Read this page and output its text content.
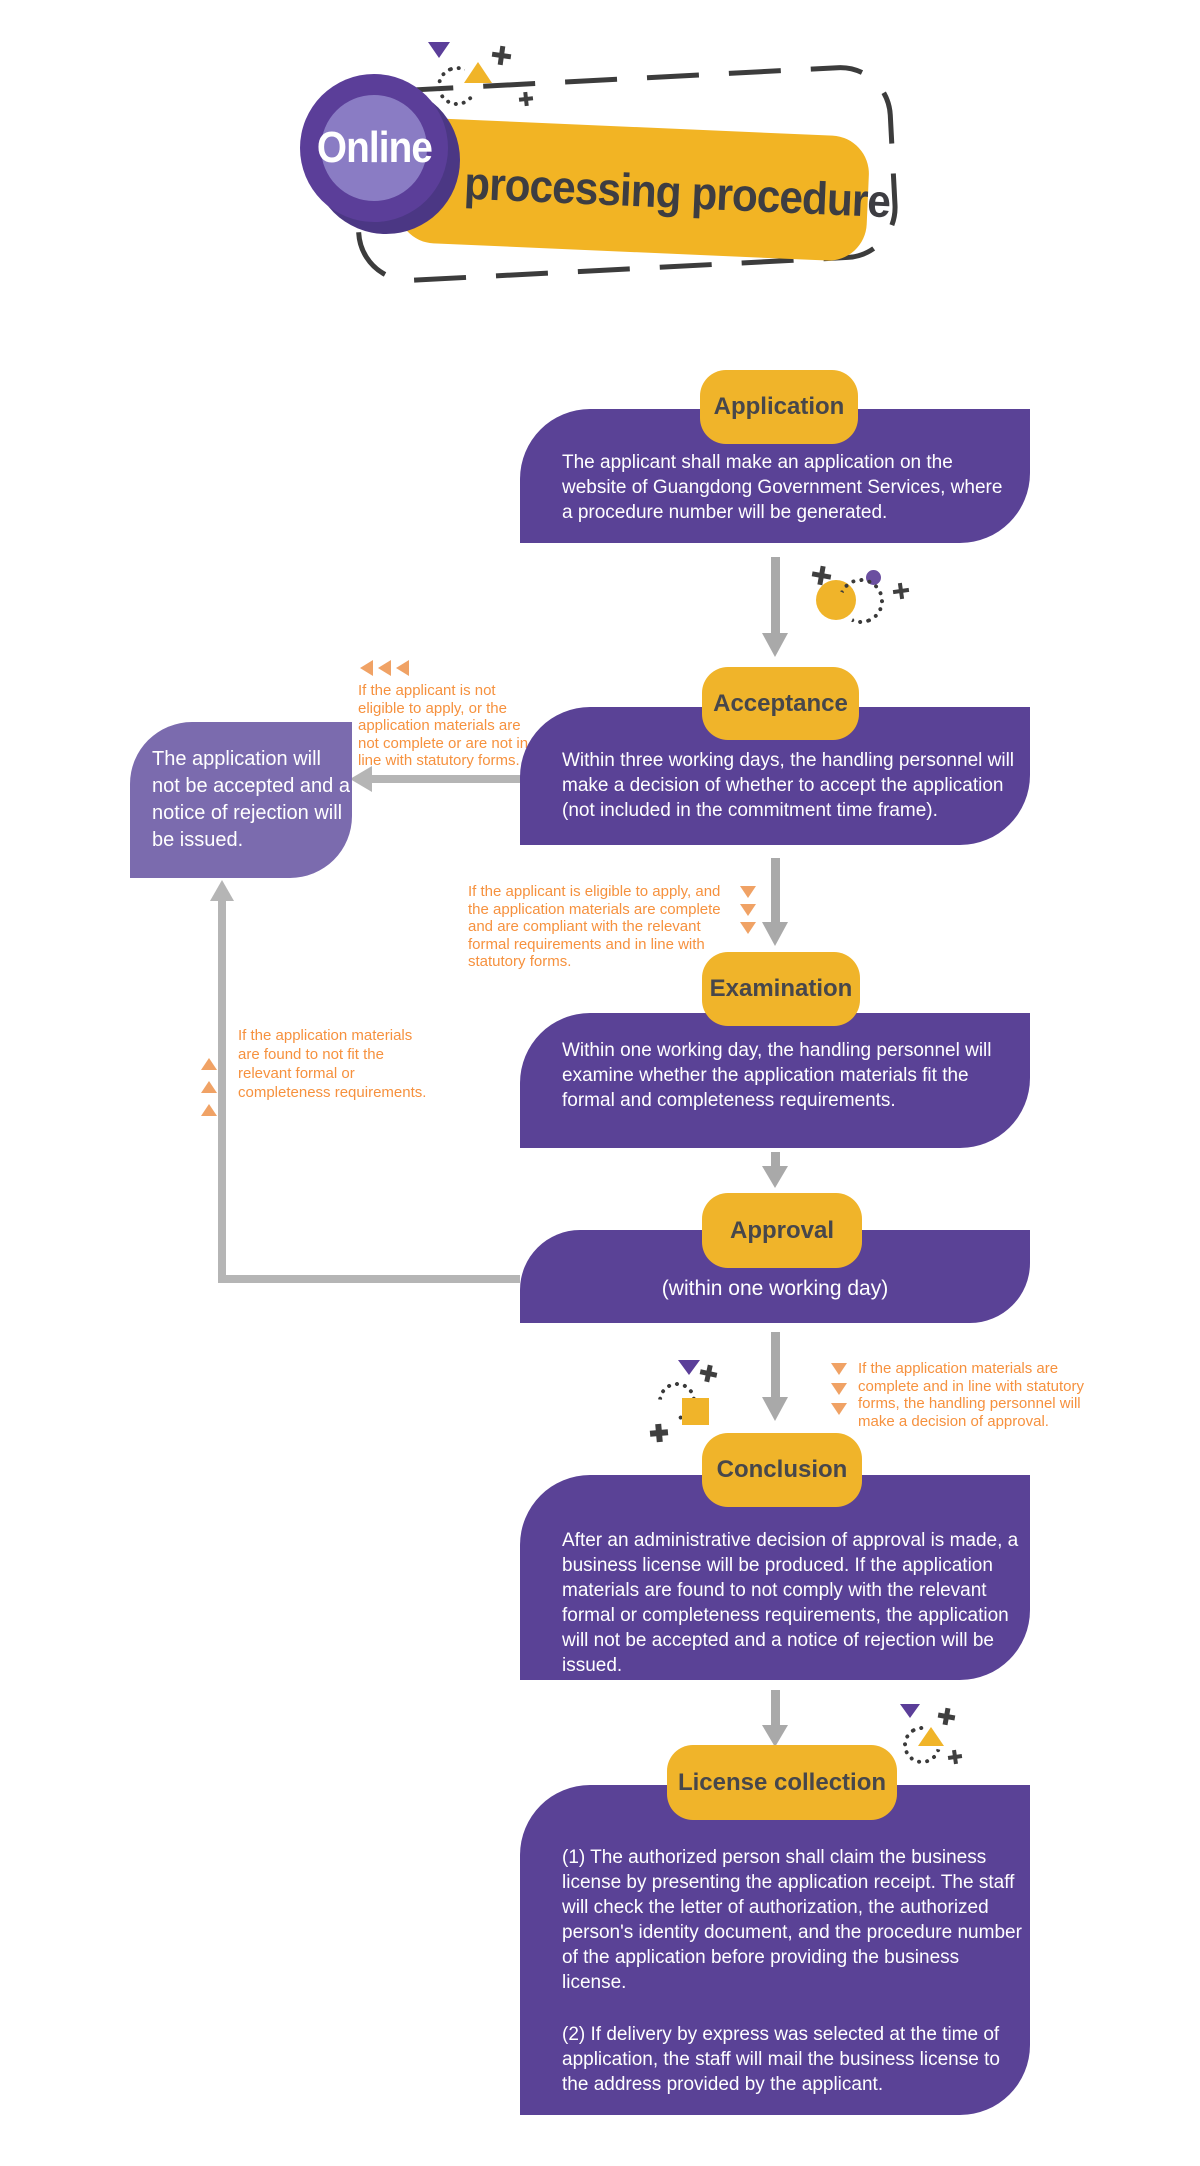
processing procedure
Online
Application
The applicant shall make an application on the website of Guangdong Government Services, where a procedure number will be generated.
Acceptance
Within three working days, the handling personnel will make a decision of whether to accept the application (not included in the commitment time frame).
If the applicant is not eligible to apply, or the application materials are not complete or are not in line with statutory forms.
The application will not be accepted and a notice of rejection will be issued.
If the application materials are found to not fit the relevant formal or completeness requirements.
If the applicant is eligible to apply, and the application materials are complete and are compliant with the relevant formal requirements and in line with statutory forms.
Examination
Within one working day, the handling personnel will examine whether the application materials fit the formal and completeness requirements.
Approval
(within one working day)
If the application materials are complete and in line with statutory forms, the handling personnel will make a decision of approval.
Conclusion
After an administrative decision of approval is made, a business license will be produced. If the application materials are found to not comply with the relevant formal or completeness requirements, the application will not be accepted and a notice of rejection will be issued.
License collection
(1) The authorized person shall claim the business license by presenting the application receipt. The staff will check the letter of authorization, the authorized person's identity document, and the procedure number of the application before providing the business license.
(2) If delivery by express was selected at the time of application, the staff will mail the business license to the address provided by the applicant.
